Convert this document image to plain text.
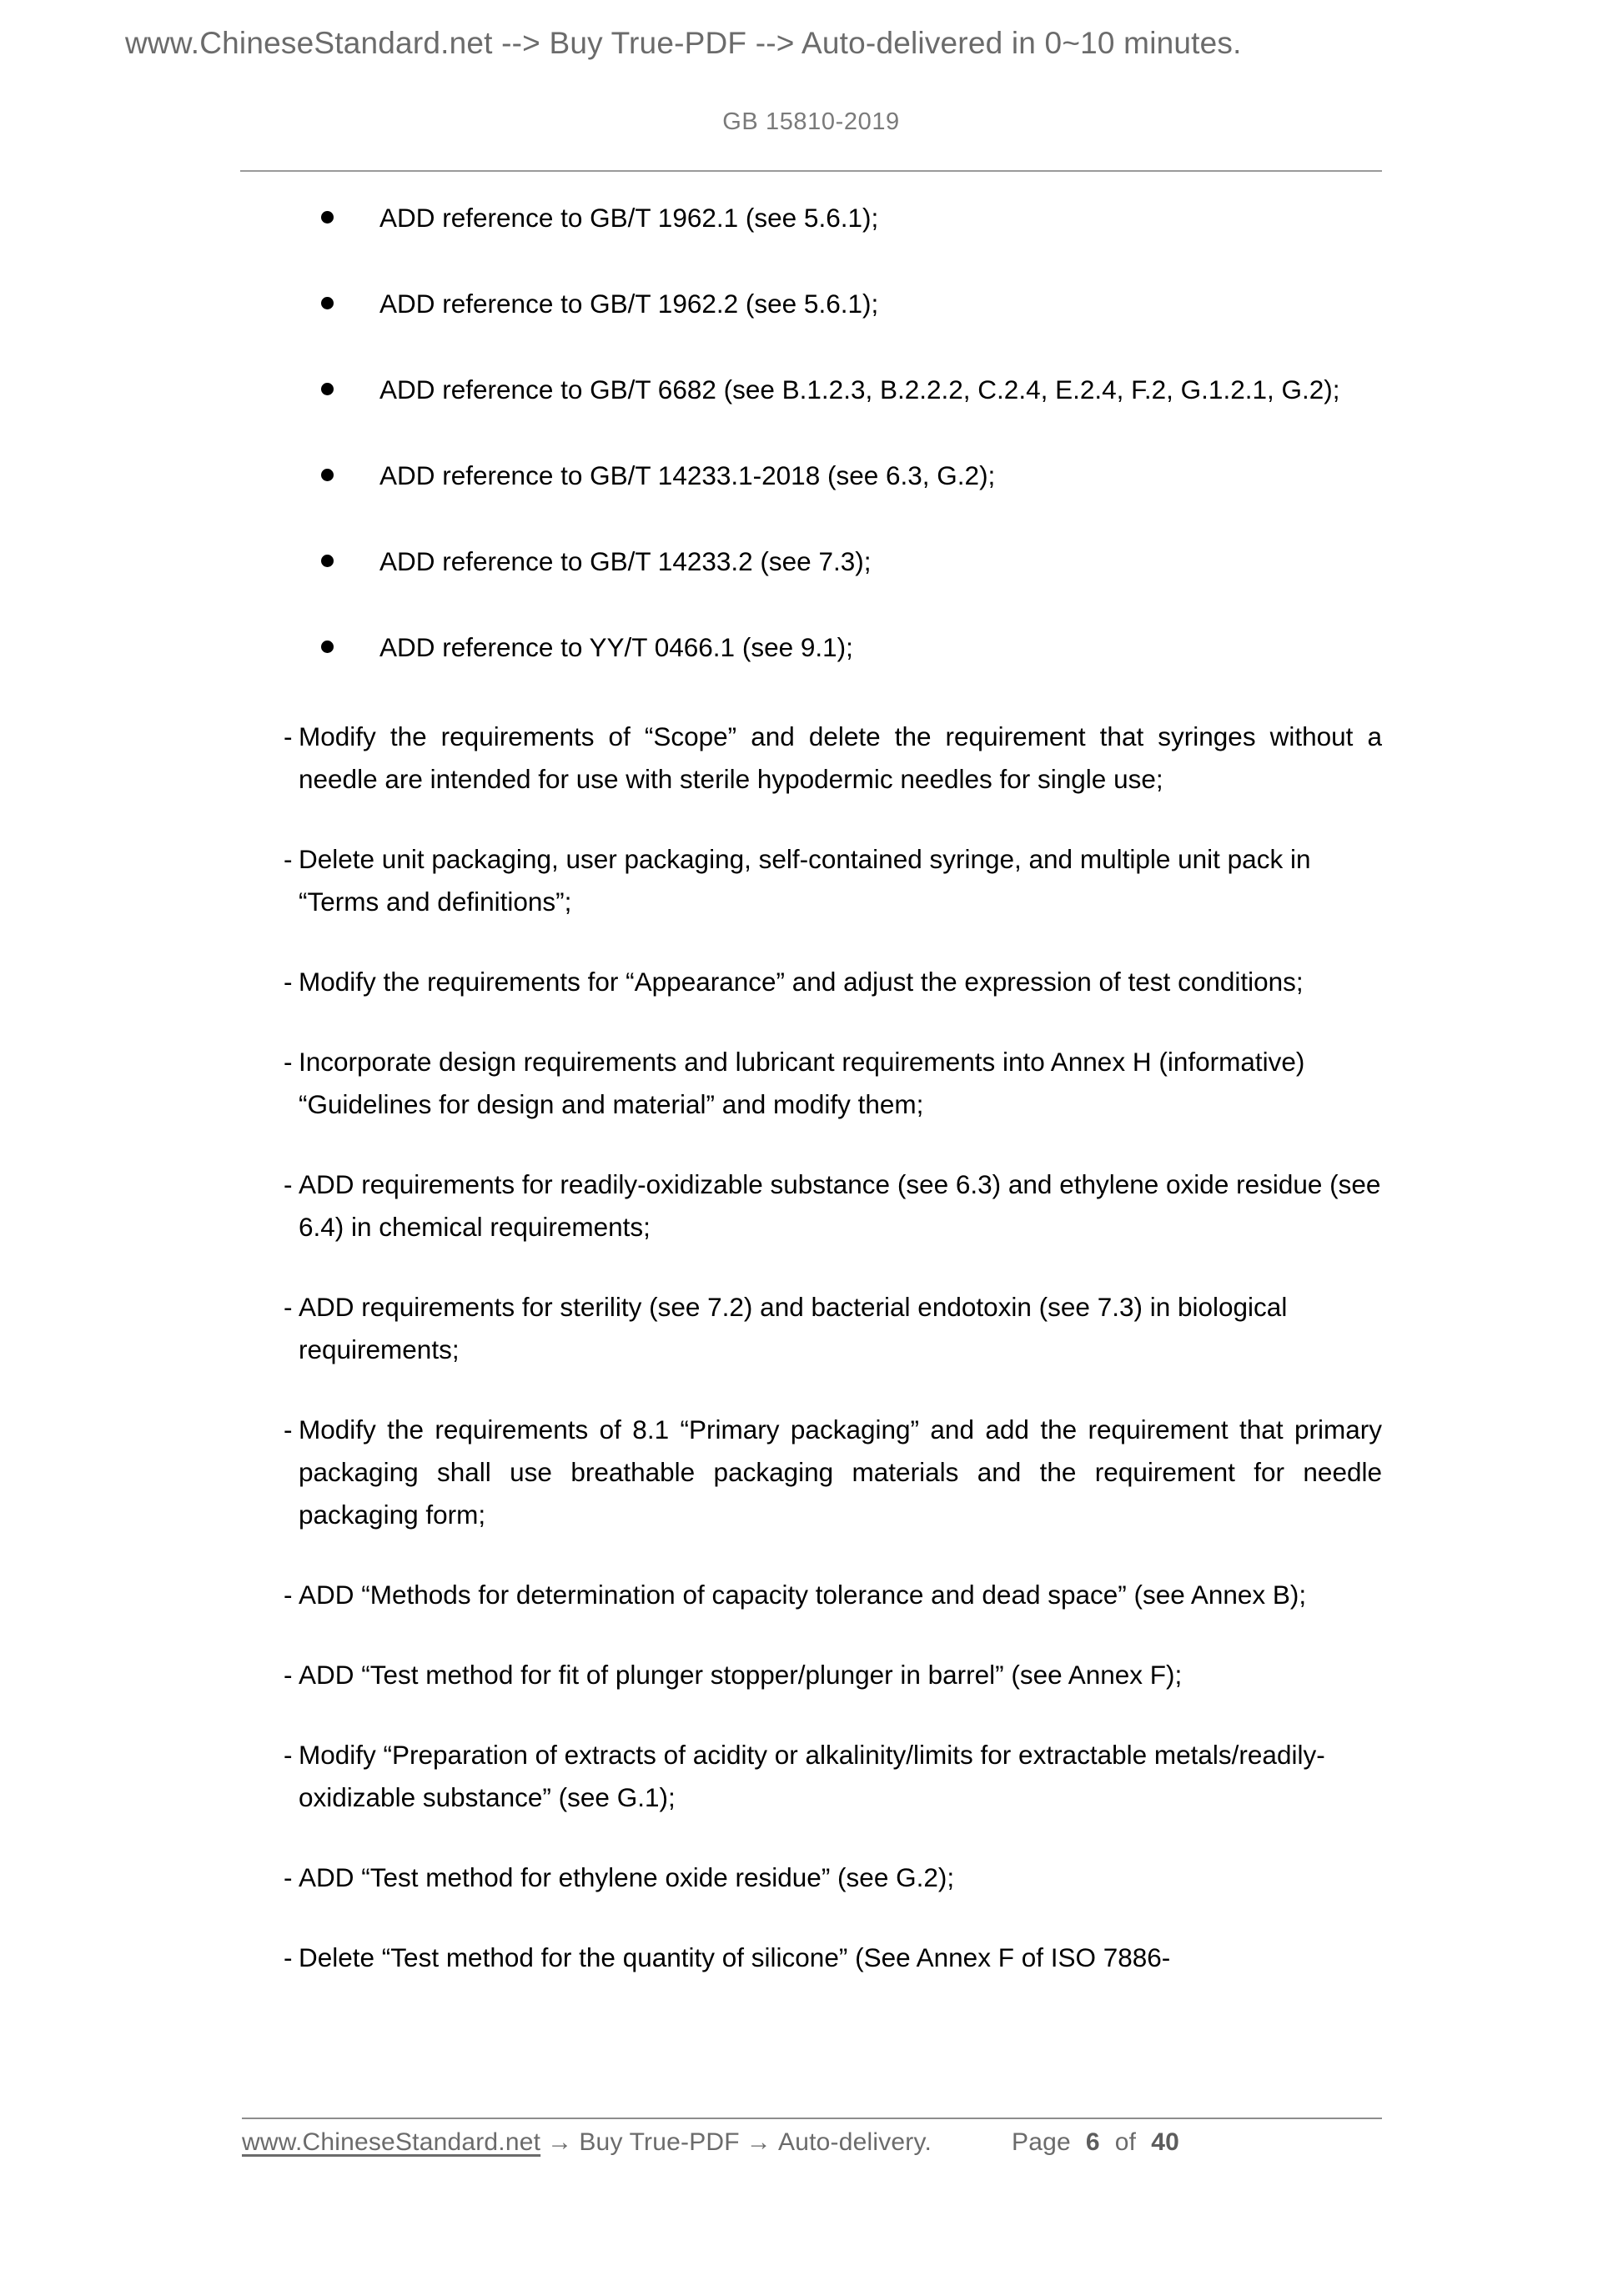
www.ChineseStandard.net --> Buy True-PDF --> Auto-delivered in 0~10 minutes.
GB 15810-2019
ADD reference to GB/T 1962.1 (see 5.6.1);
ADD reference to GB/T 1962.2 (see 5.6.1);
ADD reference to GB/T 6682 (see B.1.2.3, B.2.2.2, C.2.4, E.2.4, F.2, G.1.2.1, G.2);
ADD reference to GB/T 14233.1-2018 (see 6.3, G.2);
ADD reference to GB/T 14233.2 (see 7.3);
ADD reference to YY/T 0466.1 (see 9.1);
- Modify the requirements of “Scope” and delete the requirement that syringes without a needle are intended for use with sterile hypodermic needles for single use;
- Delete unit packaging, user packaging, self-contained syringe, and multiple unit pack in “Terms and definitions”;
- Modify the requirements for “Appearance” and adjust the expression of test conditions;
- Incorporate design requirements and lubricant requirements into Annex H (informative) “Guidelines for design and material” and modify them;
- ADD requirements for readily-oxidizable substance (see 6.3) and ethylene oxide residue (see 6.4) in chemical requirements;
- ADD requirements for sterility (see 7.2) and bacterial endotoxin (see 7.3) in biological requirements;
- Modify the requirements of 8.1 “Primary packaging” and add the requirement that primary packaging shall use breathable packaging materials and the requirement for needle packaging form;
- ADD “Methods for determination of capacity tolerance and dead space” (see Annex B);
- ADD “Test method for fit of plunger stopper/plunger in barrel” (see Annex F);
- Modify “Preparation of extracts of acidity or alkalinity/limits for extractable metals/readily-oxidizable substance” (see G.1);
- ADD “Test method for ethylene oxide residue” (see G.2);
- Delete “Test method for the quantity of silicone” (See Annex F of ISO 7886-
www.ChineseStandard.net → Buy True-PDF → Auto-delivery.	Page 6 of 40
